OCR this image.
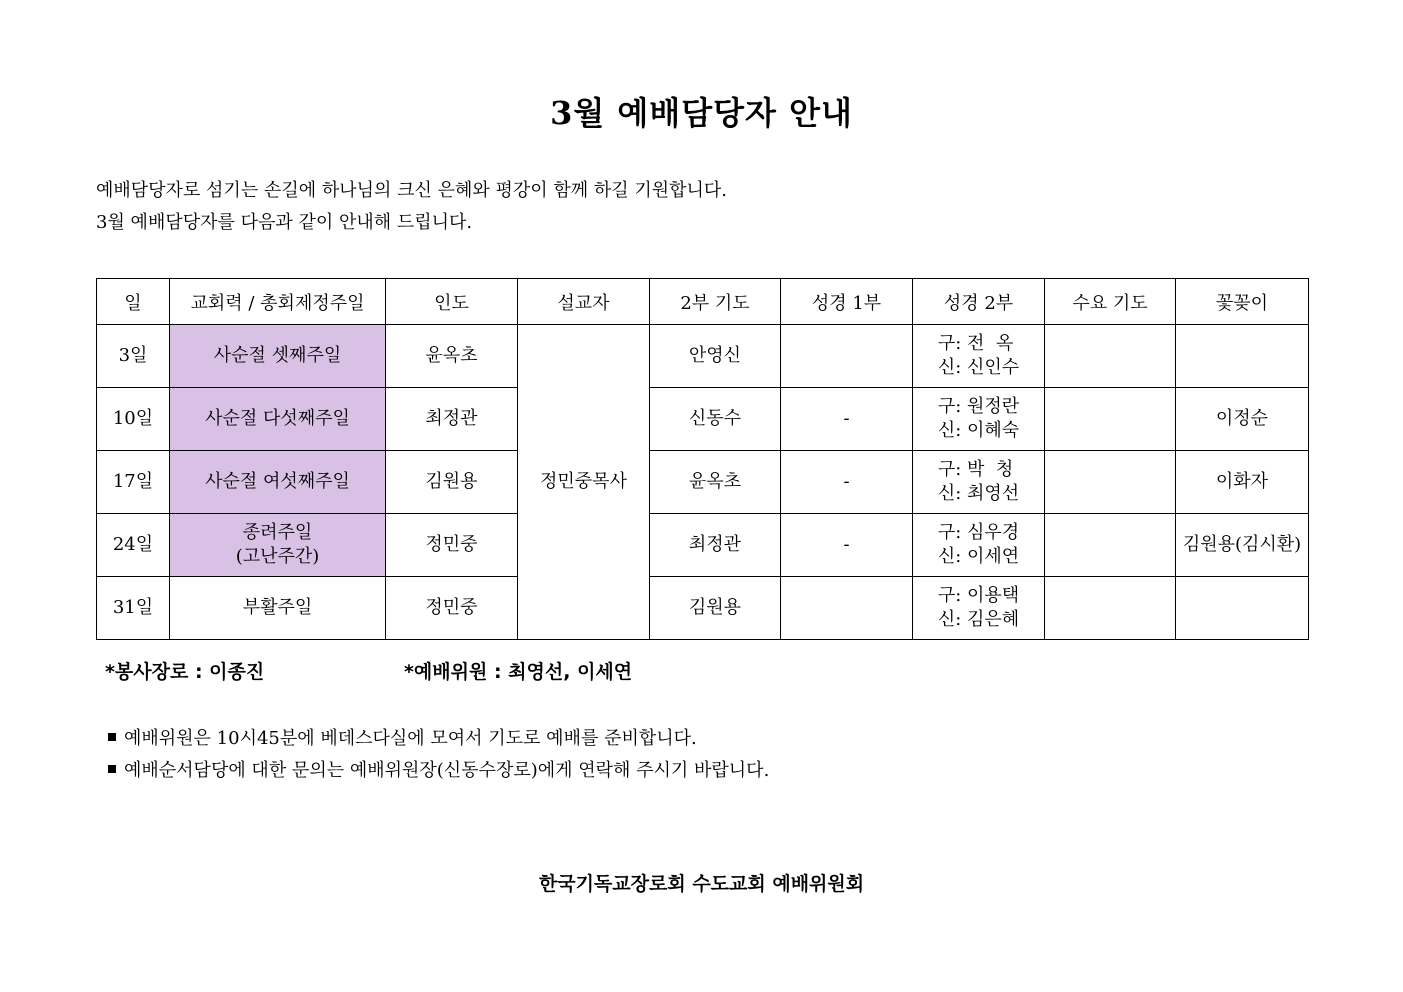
3월 예배담당자 안내
예배담당자로 섬기는 손길에 하나님의 크신 은혜와 평강이 함께 하길 기원합니다.
3월 예배담당자를 다음과 같이 안내해 드립니다.
일	교회력 / 총회제정주일	인도	설교자	2부 기도	성경 1부	성경 2부	수요 기도	꽃꽂이
3일	사순절 셋째주일	윤옥초	정민중목사	안영신		구: 전  옥
신: 신인수		
10일	사순절 다섯째주일	최정관		신동수	-	구: 원정란
신: 이혜숙		이정순
17일	사순절 여섯째주일	김원용		윤옥초	-	구: 박  청
신: 최영선		이화자
24일	종려주일
(고난주간)	정민중		최정관	-	구: 심우경
신: 이세연		김원용(김시환)
31일	부활주일	정민중		김원용		구: 이용택
신: 김은혜		
*봉사장로 : 이종진	*예배위원 : 최영선, 이세연
예배위원은 10시45분에 베데스다실에 모여서 기도로 예배를 준비합니다.
예배순서담당에 대한 문의는 예배위원장(신동수장로)에게 연락해 주시기 바랍니다.
한국기독교장로회 수도교회 예배위원회
